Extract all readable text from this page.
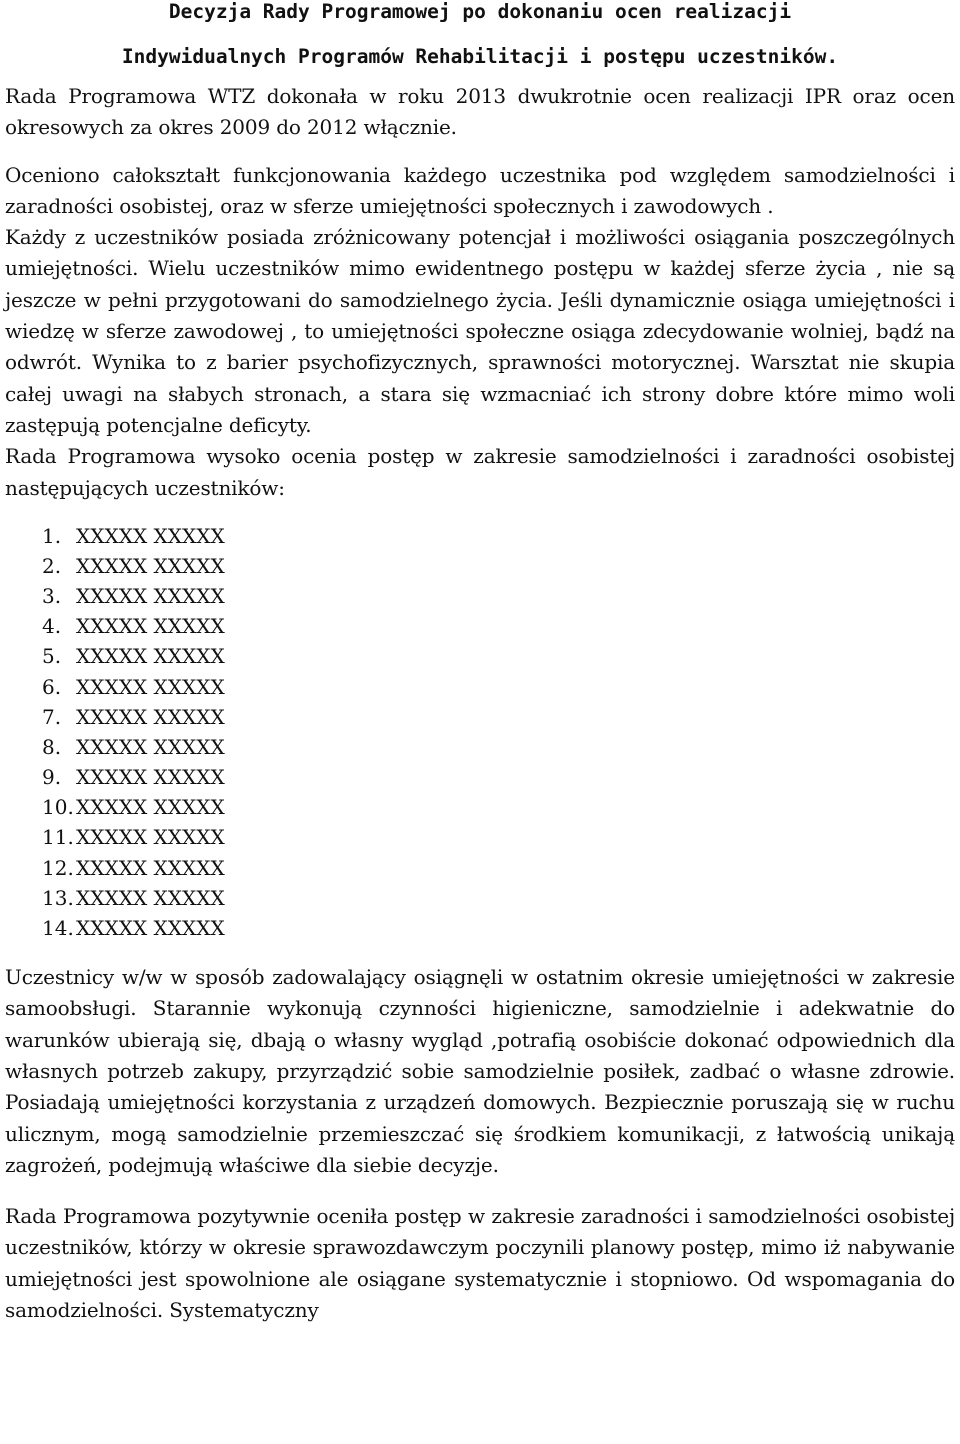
Decyzja Rady Programowej po dokonaniu ocen realizacji

Indywidualnych Programów Rehabilitacji i postępu uczestników.

Rada Programowa WTZ dokonała w roku 2013 dwukrotnie ocen realizacji IPR oraz ocen okresowych za okres 2009 do 2012 włącznie.

Oceniono całokształt funkcjonowania każdego uczestnika pod względem samodzielności i zaradności osobistej, oraz w sferze umiejętności społecznych i zawodowych .

Każdy z uczestników posiada zróżnicowany potencjał i możliwości osiągania poszczególnych umiejętności. Wielu uczestników mimo ewidentnego postępu w każdej sferze życia , nie są jeszcze w pełni przygotowani do samodzielnego życia. Jeśli dynamicznie osiąga umiejętności i wiedzę w sferze zawodowej , to umiejętności społeczne osiąga zdecydowanie wolniej, bądź na odwrót. Wynika to z barier psychofizycznych, sprawności motorycznej. Warsztat nie skupia całej uwagi na słabych stronach, a stara się wzmacniać ich strony dobre które mimo woli zastępują potencjalne deficyty.

Rada Programowa wysoko ocenia postęp w zakresie samodzielności i zaradności osobistej następujących uczestników:

1. XXXXX XXXXX
2. XXXXX XXXXX
3. XXXXX XXXXX
4. XXXXX XXXXX
5. XXXXX XXXXX
6. XXXXX XXXXX
7. XXXXX XXXXX
8. XXXXX XXXXX
9. XXXXX XXXXX
10. XXXXX XXXXX
11. XXXXX XXXXX
12. XXXXX XXXXX
13. XXXXX XXXXX
14. XXXXX XXXXX

Uczestnicy w/w w sposób zadowalający osiągnęli w ostatnim okresie umiejętności w zakresie samoobsługi. Starannie wykonują czynności higieniczne, samodzielnie i adekwatnie do warunków ubierają się, dbają o własny wygląd ,potrafią osobiście dokonać odpowiednich dla własnych potrzeb zakupy, przyrządzić sobie samodzielnie posiłek, zadbać o własne zdrowie. Posiadają umiejętności korzystania z urządzeń domowych. Bezpiecznie poruszają się w ruchu ulicznym, mogą samodzielnie przemieszczać się środkiem komunikacji, z łatwością unikają zagrożeń, podejmują właściwe dla siebie decyzje.

Rada Programowa pozytywnie oceniła postęp w zakresie zaradności i samodzielności osobistej uczestników, którzy w okresie sprawozdawczym poczynili planowy postęp, mimo iż nabywanie umiejętności jest spowolnione ale osiągane systematycznie i stopniowo. Od wspomagania do samodzielności. Systematyczny
